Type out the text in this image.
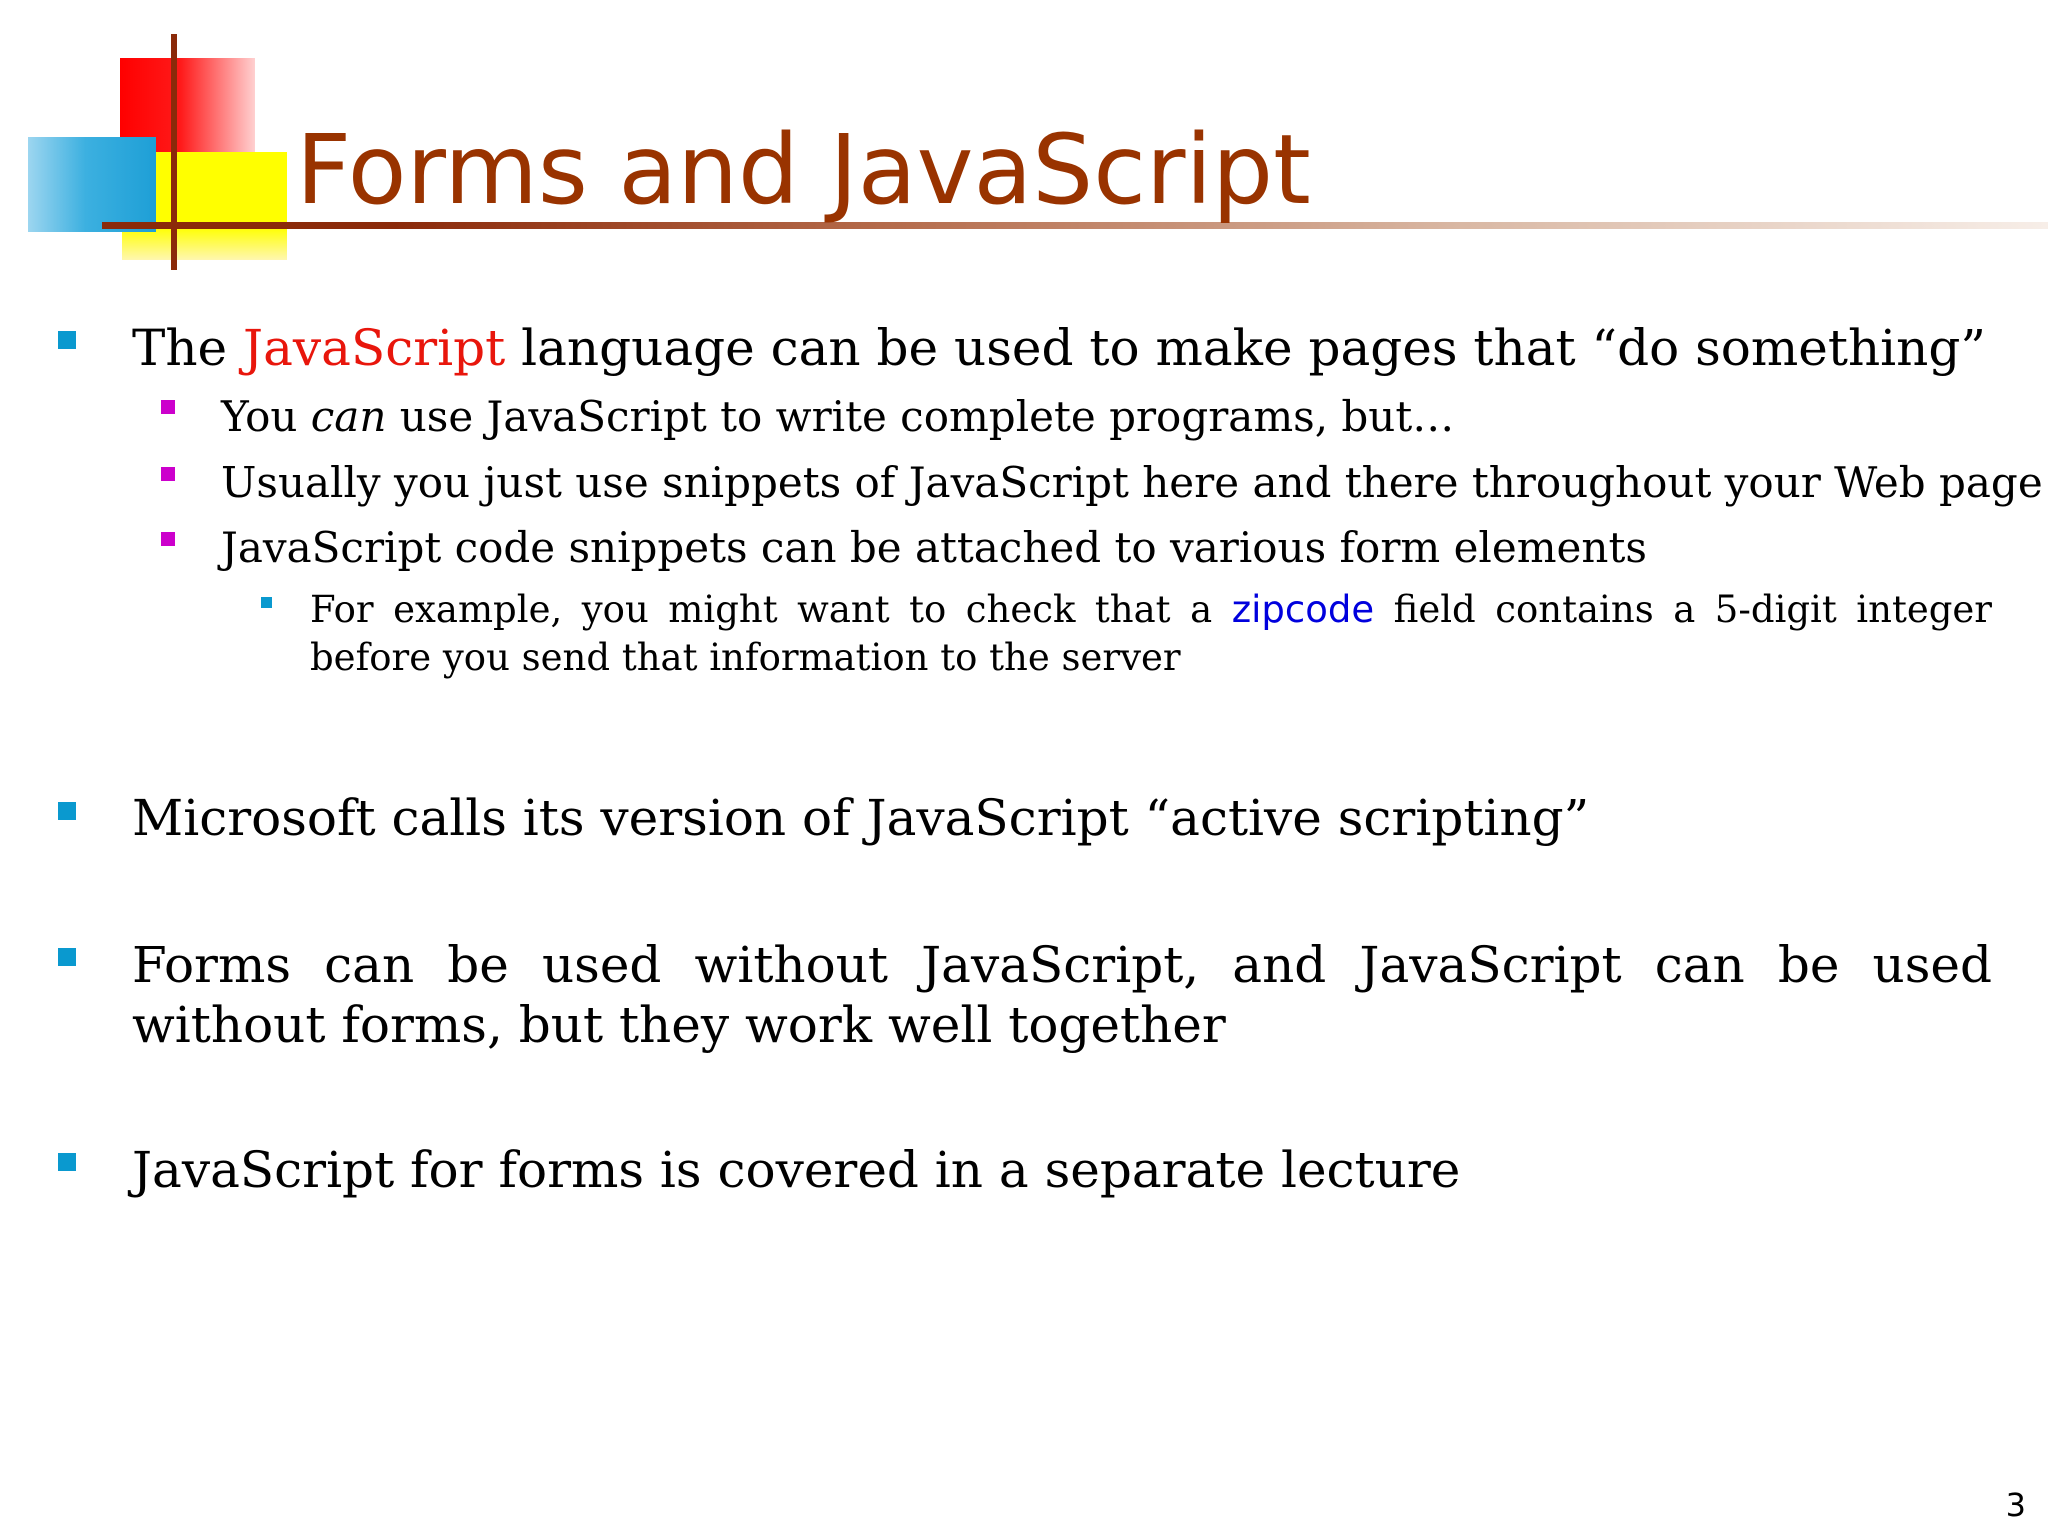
Forms and JavaScript
The JavaScript language can be used to make pages that “do something”
You can use JavaScript to write complete programs, but…
Usually you just use snippets of JavaScript here and there throughout your Web page
JavaScript code snippets can be attached to various form elements
For example, you might want to check that a zipcode field contains a 5-digit integer before you send that information to the server
Microsoft calls its version of JavaScript “active scripting”
Forms can be used without JavaScript, and JavaScript can be used without forms, but they work well together
JavaScript for forms is covered in a separate lecture
3
